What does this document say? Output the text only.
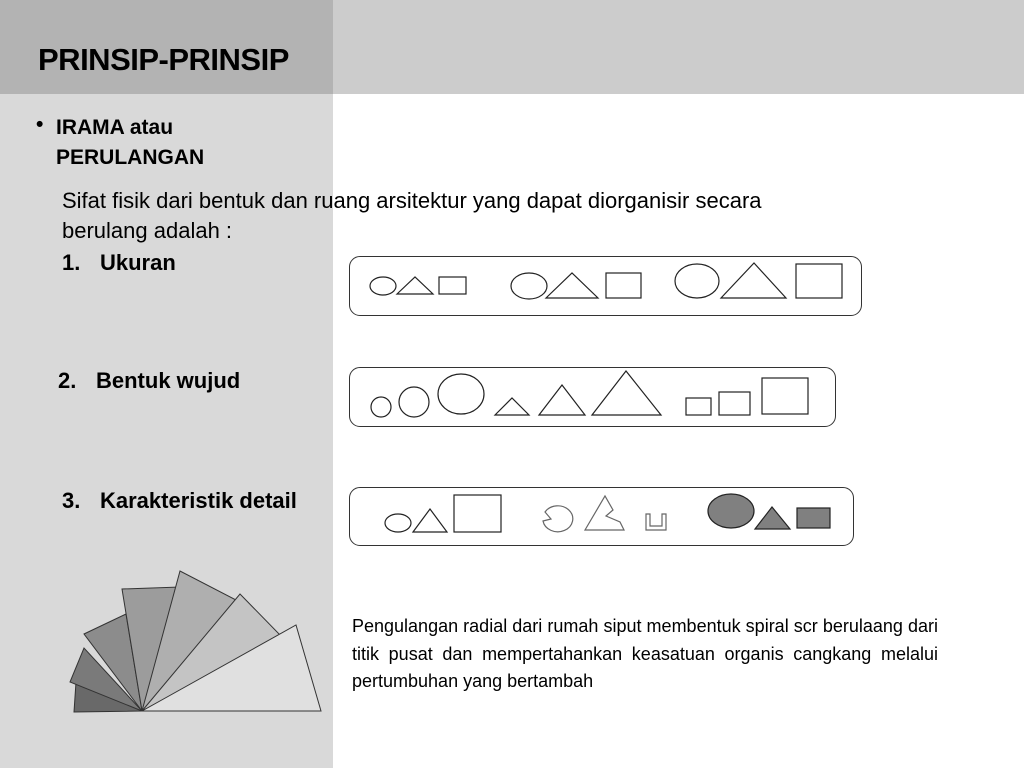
PRINSIP-PRINSIP
• IRAMA atau
PERULANGAN
Sifat fisik dari bentuk dan ruang arsitektur yang dapat diorganisir secara
berulang adalah :
1. Ukuran
2. Bentuk wujud
3. Karakteristik detail
Pengulangan radial dari rumah siput membentuk spiral scr berulaang dari titik pusat dan mempertahankan keasatuan organis cangkang melalui pertumbuhan yang bertambah
